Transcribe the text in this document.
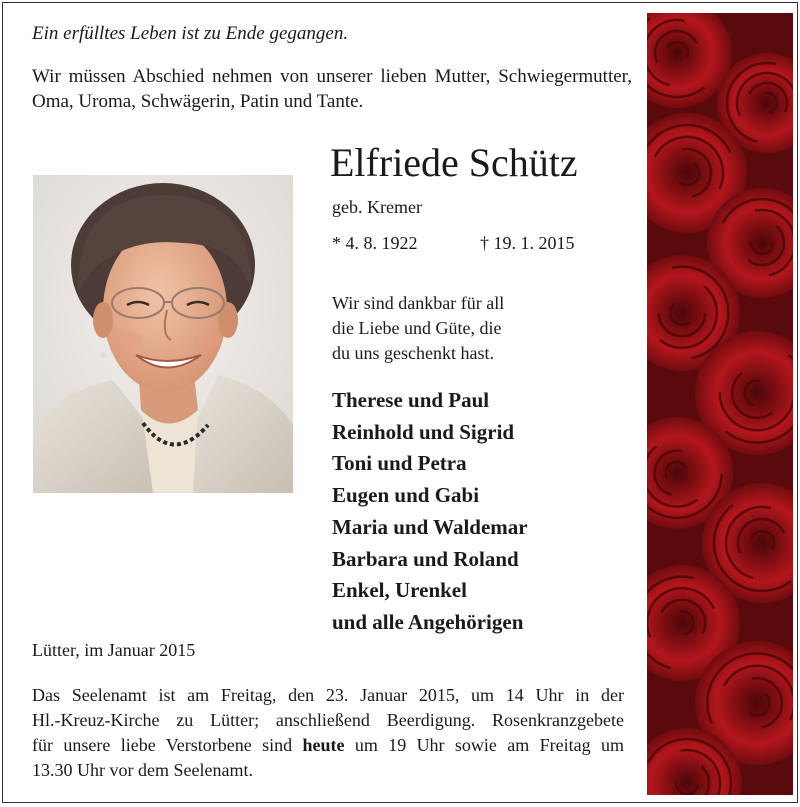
Ein erfülltes Leben ist zu Ende gegangen.
Wir müssen Abschied nehmen von unserer lieben Mutter, Schwiegermutter, Oma, Uroma, Schwägerin, Patin und Tante.
Elfriede Schütz
geb. Kremer
* 4. 8. 1922	† 19. 1. 2015
Wir sind dankbar für all
die Liebe und Güte, die
du uns geschenkt hast.
Therese und Paul
Reinhold und Sigrid
Toni und Petra
Eugen und Gabi
Maria und Waldemar
Barbara und Roland
Enkel, Urenkel
und alle Angehörigen
Lütter, im Januar 2015
Das Seelenamt ist am Freitag, den 23. Januar 2015, um 14 Uhr in der
Hl.-Kreuz-Kirche zu Lütter; anschließend Beerdigung. Rosenkranzgebete
für unsere liebe Verstorbene sind heute um 19 Uhr sowie am Freitag um
13.30 Uhr vor dem Seelenamt.
